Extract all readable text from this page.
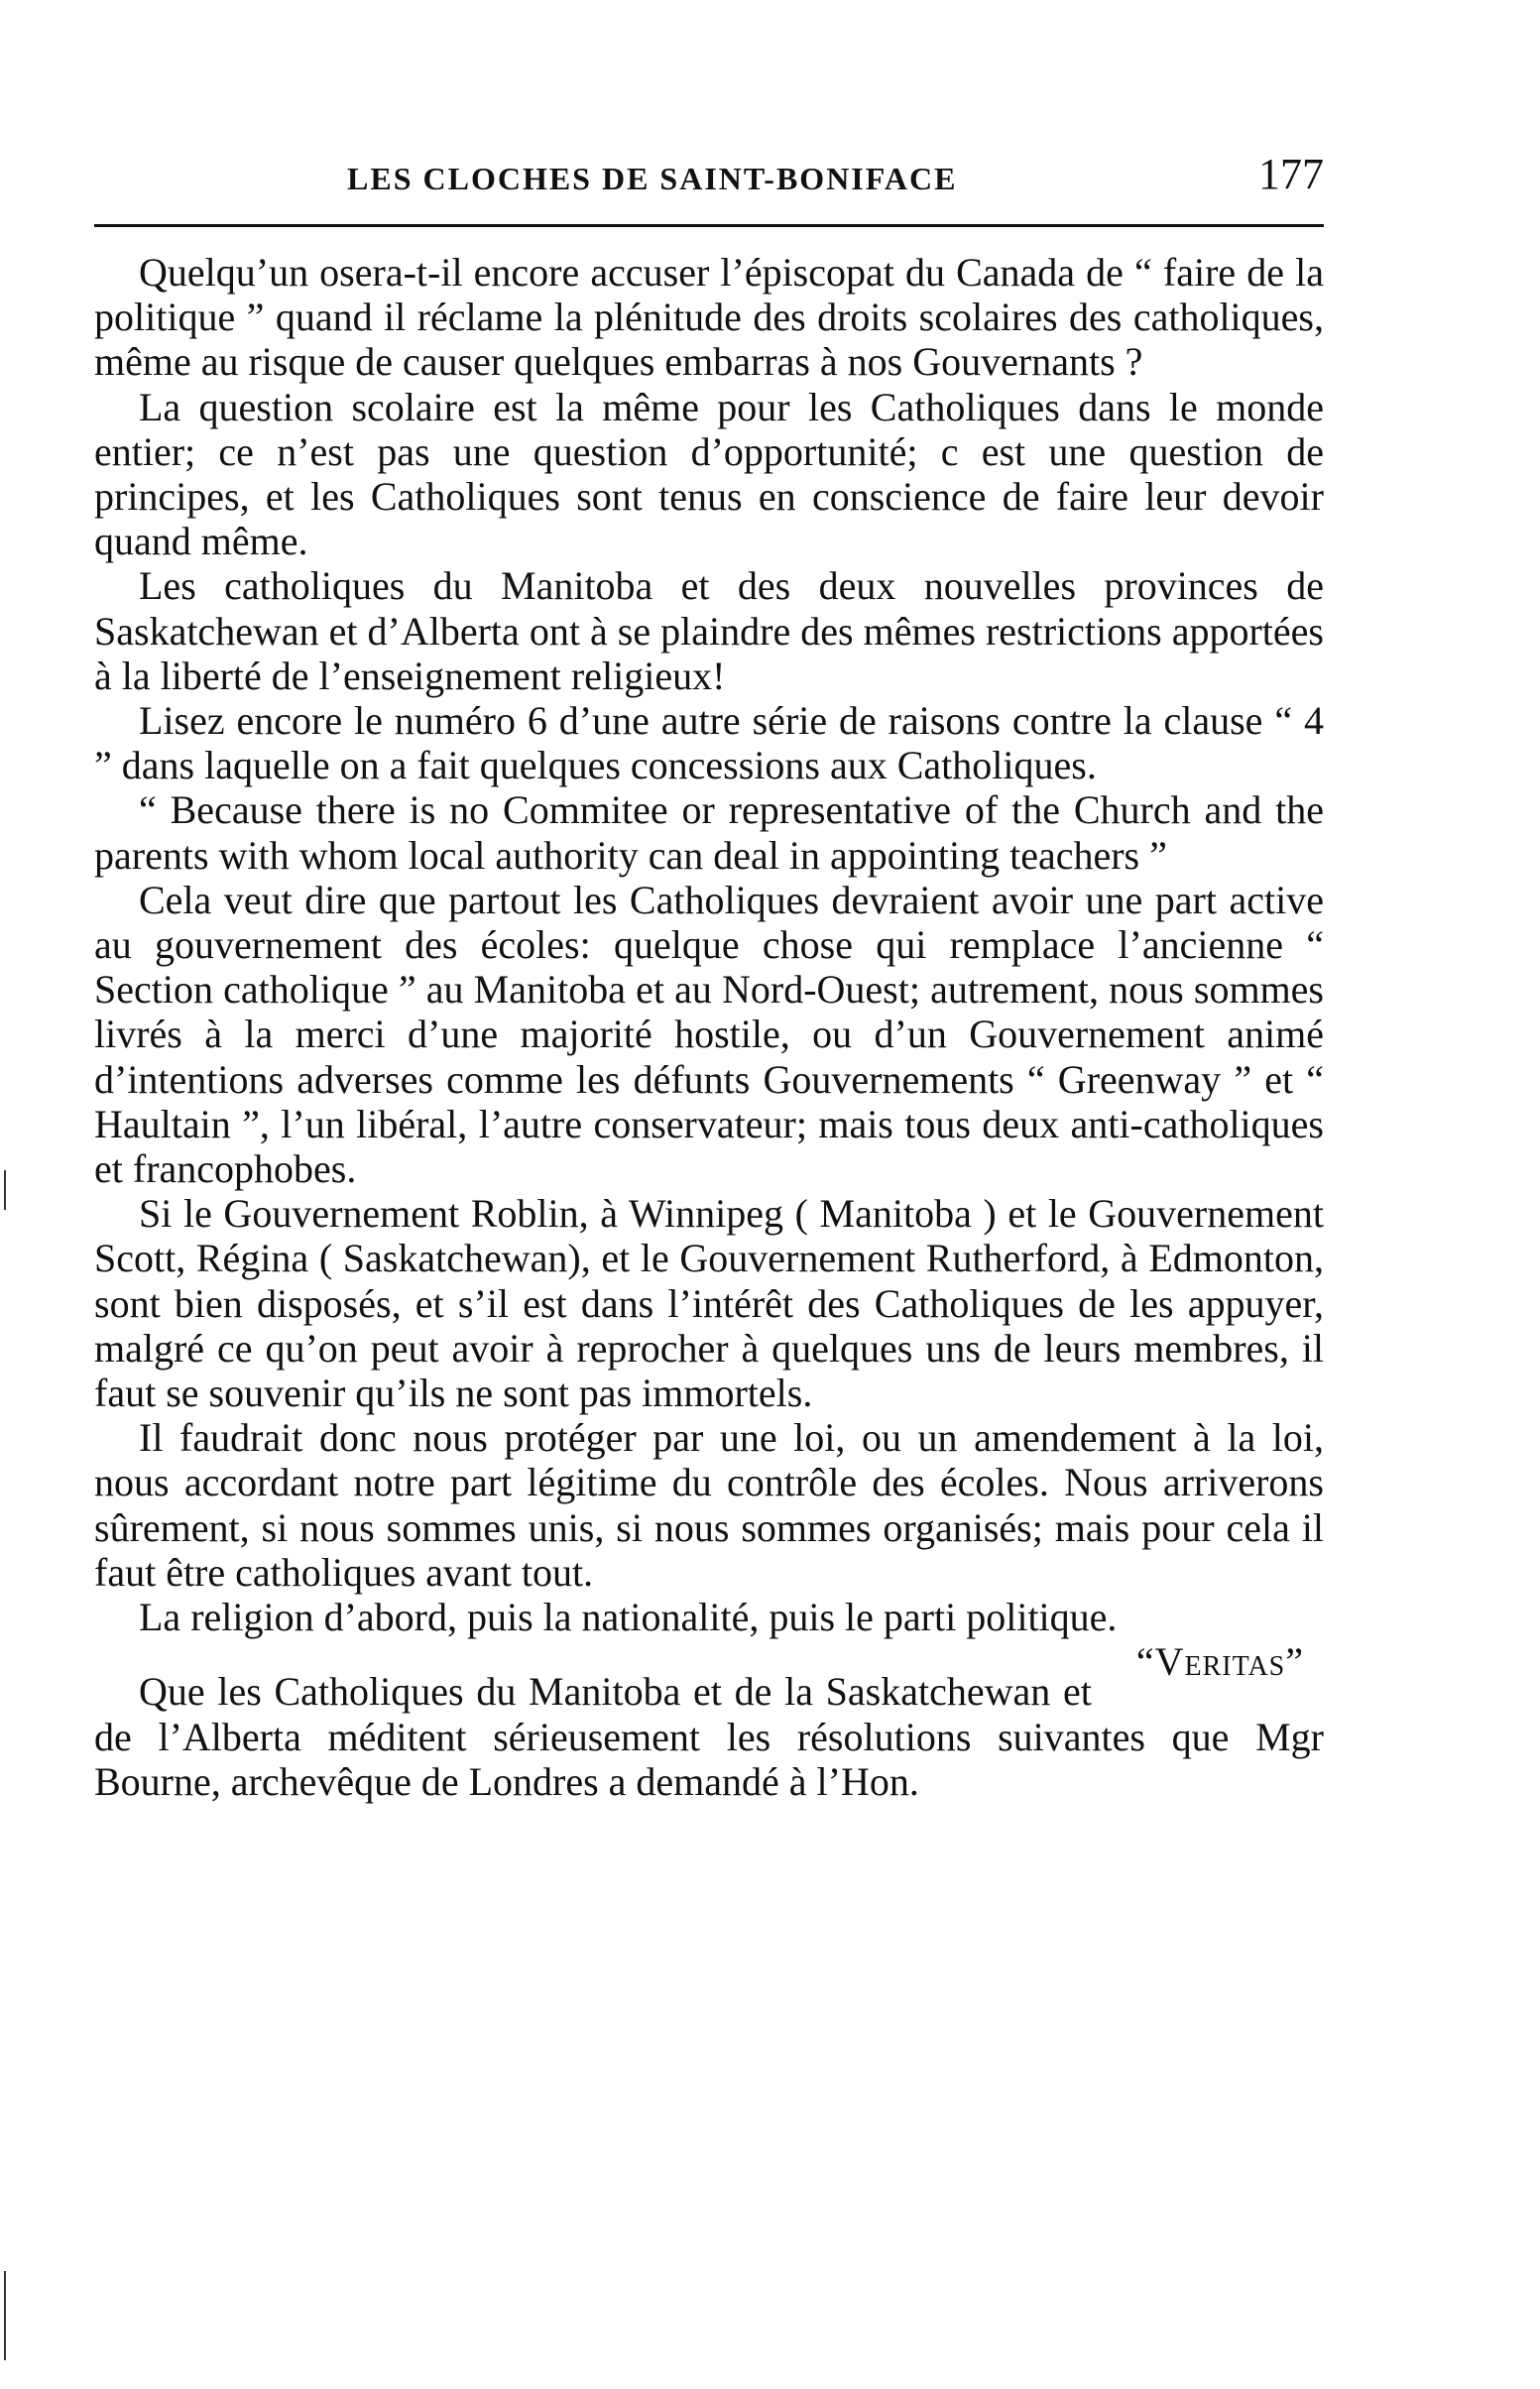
LES CLOCHES DE SAINT-BONIFACE	177

Quelqu’un osera-t-il encore accuser l’épiscopat du Canada de “ faire de la politique ” quand il réclame la plénitude des droits scolaires des catholiques, même au risque de causer quelques embarras à nos Gouvernants ?

La question scolaire est la même pour les Catholiques dans le monde entier; ce n’est pas une question d’opportunité; c est une question de principes, et les Catholiques sont tenus en conscience de faire leur devoir quand même.

Les catholiques du Manitoba et des deux nouvelles provinces de Saskatchewan et d’Alberta ont à se plaindre des mêmes restrictions apportées à la liberté de l’enseignement religieux!

Lisez encore le numéro 6 d’une autre série de raisons contre la clause “ 4 ” dans laquelle on a fait quelques concessions aux Catholiques.

“ Because there is no Commitee or representative of the Church and the parents with whom local authority can deal in appointing teachers ”

Cela veut dire que partout les Catholiques devraient avoir une part active au gouvernement des écoles: quelque chose qui remplace l’ancienne “ Section catholique ” au Manitoba et au Nord-Ouest; autrement, nous sommes livrés à la merci d’une majorité hostile, ou d’un Gouvernement animé d’intentions adverses comme les défunts Gouvernements “ Greenway ” et “ Haultain ”, l’un libéral, l’autre conservateur; mais tous deux anti-catholiques et francophobes.

Si le Gouvernement Roblin, à Winnipeg ( Manitoba ) et le Gouvernement Scott, Régina ( Saskatchewan), et le Gouvernement Rutherford, à Edmonton, sont bien disposés, et s’il est dans l’intérêt des Catholiques de les appuyer, malgré ce qu’on peut avoir à reprocher à quelques uns de leurs membres, il faut se souvenir qu’ils ne sont pas immortels.

Il faudrait donc nous protéger par une loi, ou un amendement à la loi, nous accordant notre part légitime du contrôle des écoles. Nous arriverons sûrement, si nous sommes unis, si nous sommes organisés; mais pour cela il faut être catholiques avant tout.

La religion d’abord, puis la nationalité, puis le parti politique.
“Veritas”

Que les Catholiques du Manitoba et de la Saskatchewan et de l’Alberta méditent sérieusement les résolutions suivantes que Mgr Bourne, archevêque de Londres a demandé à l’Hon.
